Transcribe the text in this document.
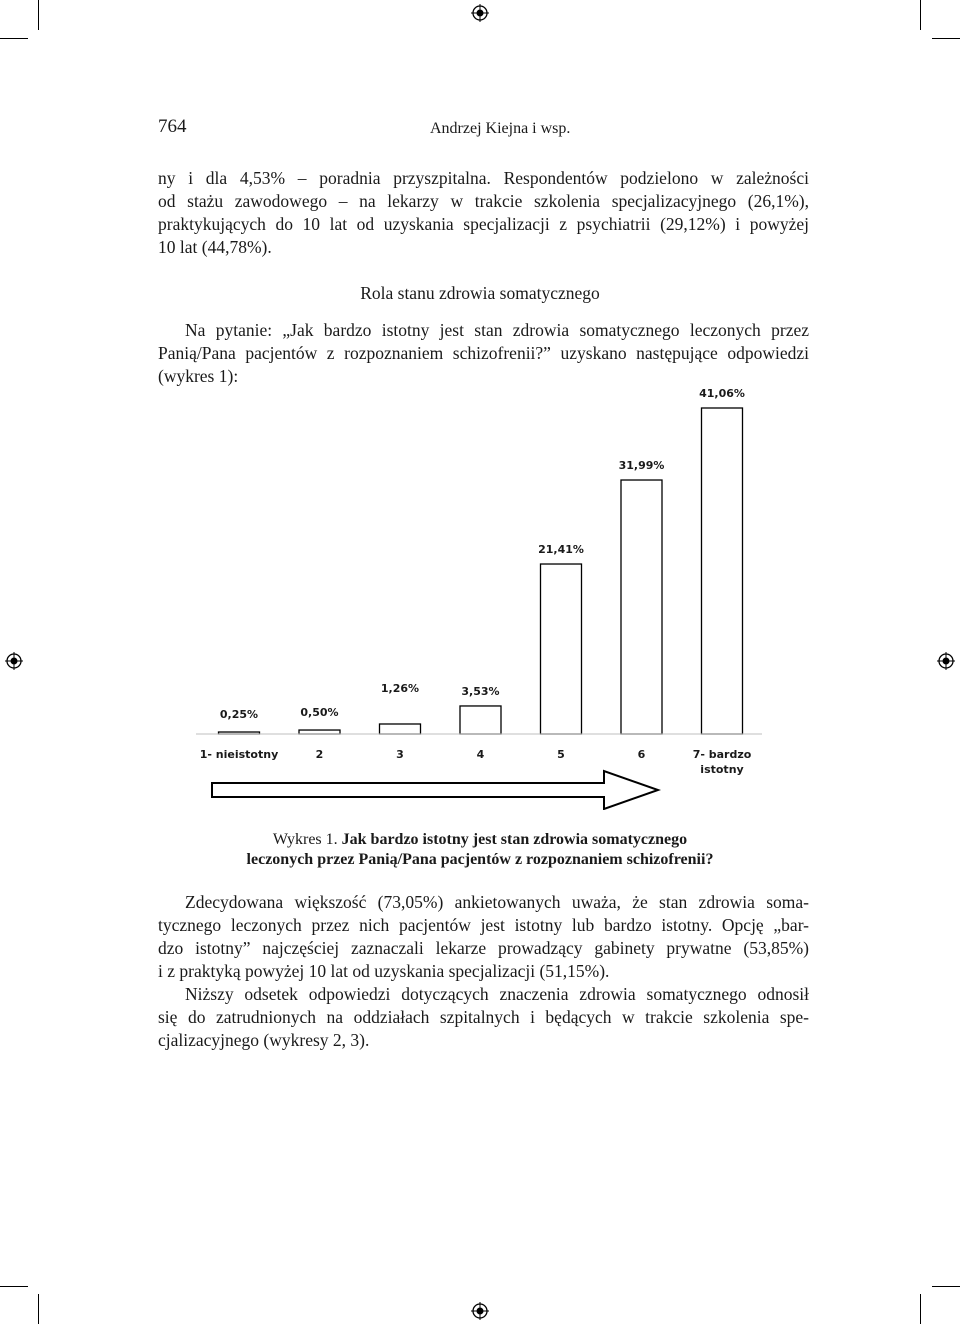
764	Andrzej Kiejna i wsp.
ny i dla 4,53% – poradnia przyszpitalna. Respondentów podzielono w zależności
od stażu zawodowego – na lekarzy w trakcie szkolenia specjalizacyjnego (26,1%),
praktykujących do 10 lat od uzyskania specjalizacji z psychiatrii (29,12%) i powyżej
10 lat (44,78%).
Rola stanu zdrowia somatycznego
Na pytanie: „Jak bardzo istotny jest stan zdrowia somatycznego leczonych przez
Panią/Pana pacjentów z rozpoznaniem schizofrenii?” uzyskano następujące odpowiedzi
(wykres 1):
0,25%
1- nieistotny
0,50%
2
1,26%
3
3,53%
4
21,41%
5
31,99%
6
41,06%
7- bardzo
istotny
Wykres 1. Jak bardzo istotny jest stan zdrowia somatycznego
leczonych przez Panią/Pana pacjentów z rozpoznaniem schizofrenii?
Zdecydowana większość (73,05%) ankietowanych uważa, że stan zdrowia soma-
tycznego leczonych przez nich pacjentów jest istotny lub bardzo istotny. Opcję „bar-
dzo istotny” najczęściej zaznaczali lekarze prowadzący gabinety prywatne (53,85%)
i z praktyką powyżej 10 lat od uzyskania specjalizacji (51,15%).
Niższy odsetek odpowiedzi dotyczących znaczenia zdrowia somatycznego odnosił
się do zatrudnionych na oddziałach szpitalnych i będących w trakcie szkolenia spe-
cjalizacyjnego (wykresy 2, 3).
